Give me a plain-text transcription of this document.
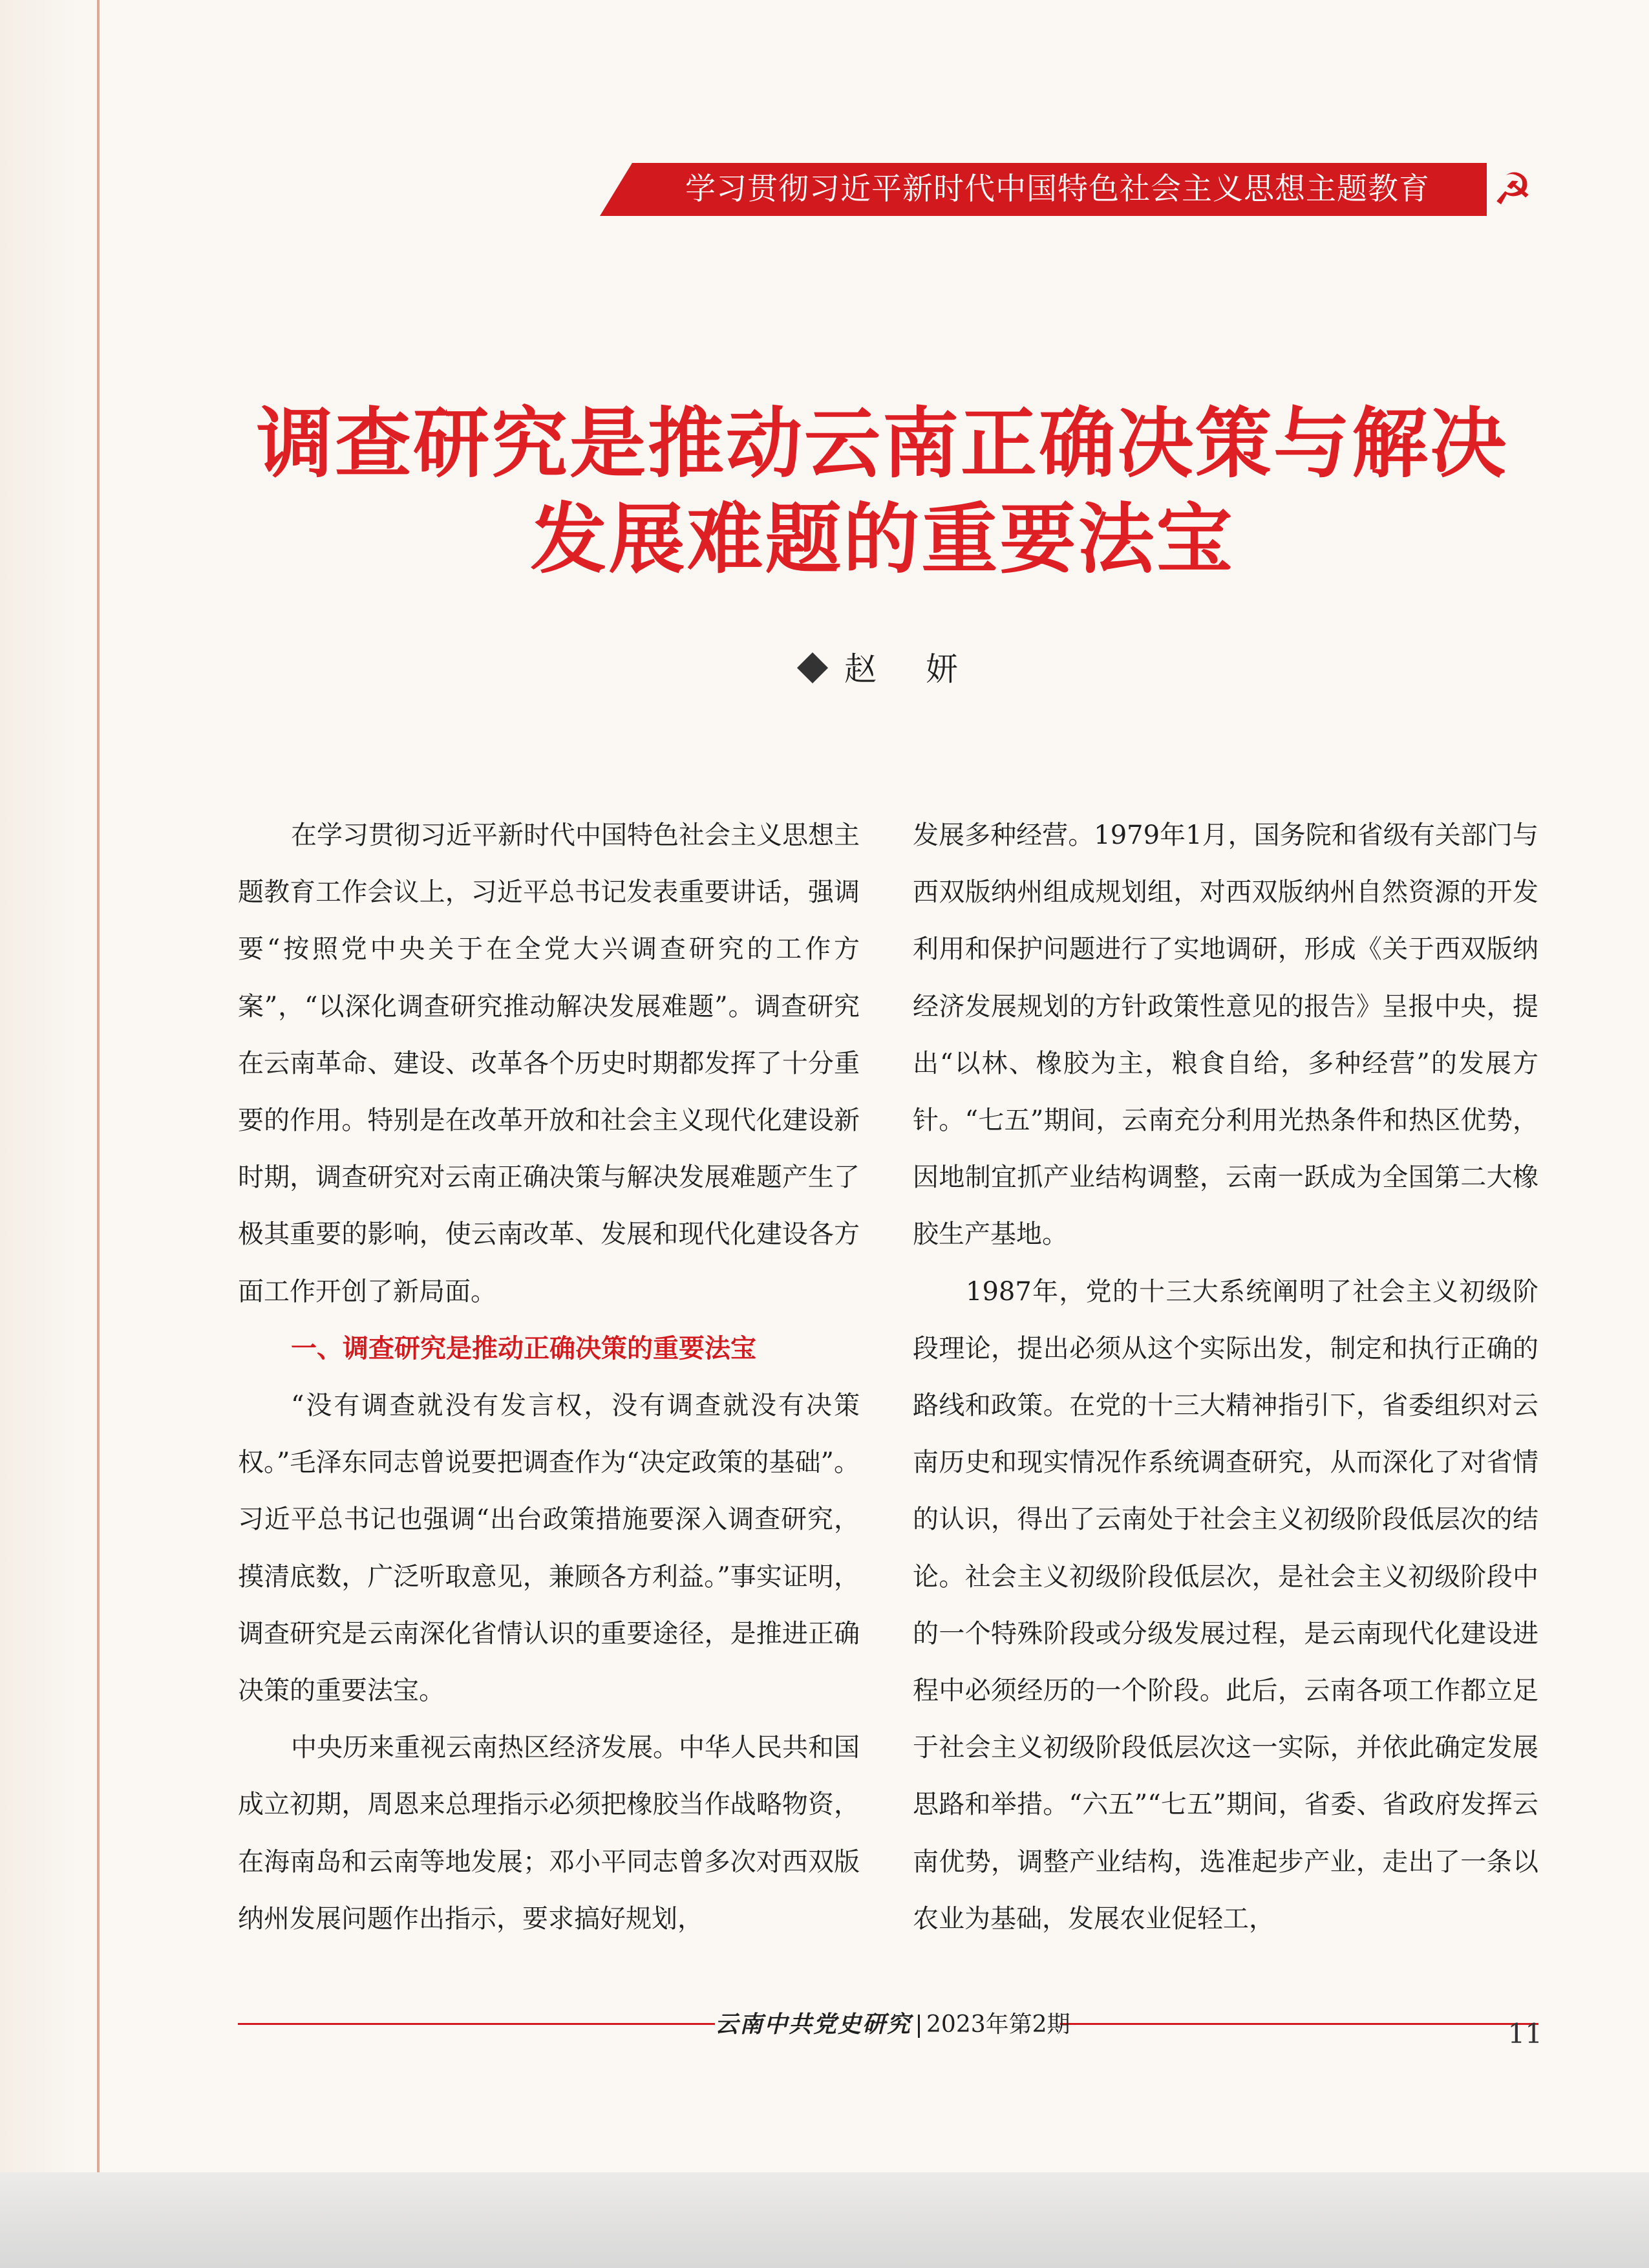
学习贯彻习近平新时代中国特色社会主义思想主题教育	☭
调查研究是推动云南正确决策与解决
发展难题的重要法宝
赵 妍

在学习贯彻习近平新时代中国特色社会主义思想主题教育工作会议上，习近平总书记发表重要讲话，强调要“按照党中央关于在全党大兴调查研究的工作方案”，“以深化调查研究推动解决发展难题”。调查研究在云南革命、建设、改革各个历史时期都发挥了十分重要的作用。特别是在改革开放和社会主义现代化建设新时期，调查研究对云南正确决策与解决发展难题产生了极其重要的影响，使云南改革、发展和现代化建设各方面工作开创了新局面。

一、调查研究是推动正确决策的重要法宝

“没有调查就没有发言权，没有调查就没有决策权。”毛泽东同志曾说要把调查作为“决定政策的基础”。习近平总书记也强调“出台政策措施要深入调查研究，摸清底数，广泛听取意见，兼顾各方利益。”事实证明，调查研究是云南深化省情认识的重要途径，是推进正确决策的重要法宝。

中央历来重视云南热区经济发展。中华人民共和国成立初期，周恩来总理指示必须把橡胶当作战略物资，在海南岛和云南等地发展；邓小平同志曾多次对西双版纳州发展问题作出指示，要求搞好规划，

发展多种经营。1979年1月，国务院和省级有关部门与西双版纳州组成规划组，对西双版纳州自然资源的开发利用和保护问题进行了实地调研，形成《关于西双版纳经济发展规划的方针政策性意见的报告》呈报中央，提出“以林、橡胶为主，粮食自给，多种经营”的发展方针。“七五”期间，云南充分利用光热条件和热区优势，因地制宜抓产业结构调整，云南一跃成为全国第二大橡胶生产基地。

1987年，党的十三大系统阐明了社会主义初级阶段理论，提出必须从这个实际出发，制定和执行正确的路线和政策。在党的十三大精神指引下，省委组织对云南历史和现实情况作系统调查研究，从而深化了对省情的认识，得出了云南处于社会主义初级阶段低层次的结论。社会主义初级阶段低层次，是社会主义初级阶段中的一个特殊阶段或分级发展过程，是云南现代化建设进程中必须经历的一个阶段。此后，云南各项工作都立足于社会主义初级阶段低层次这一实际，并依此确定发展思路和举措。“六五”“七五”期间，省委、省政府发挥云南优势，调整产业结构，选准起步产业，走出了一条以农业为基础，发展农业促轻工，

云南中共党史研究 2023年第2期	11
